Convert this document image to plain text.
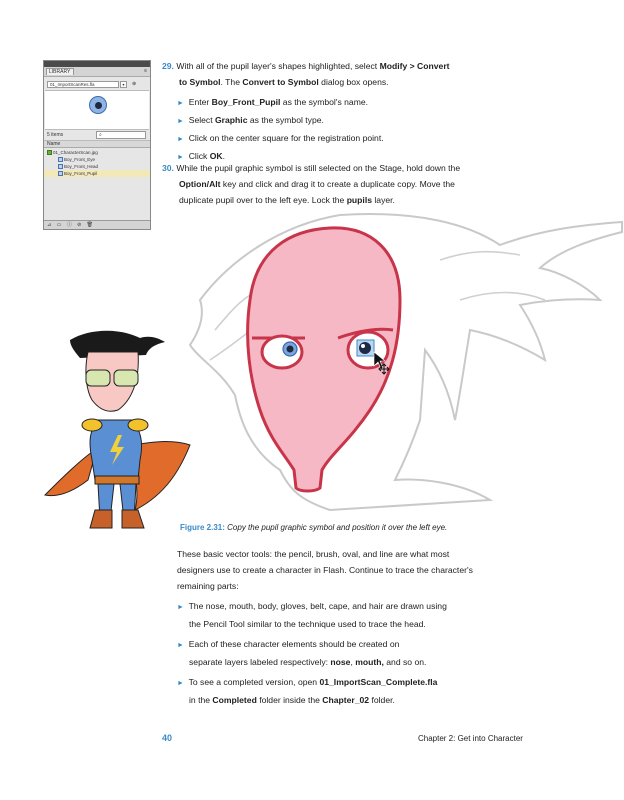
LIBRARY	≡
01_ImportScanRes.fla	▾	⊕
5 items	⌕
Name
01_CharacterScan.jpg
Boy_Front_Eye
Boy_Front_Head
Boy_Front_Pupil
⊿ ▭ ⓘ ⊘ 🗑
29. With all of the pupil layer's shapes highlighted, select Modify > Convert
to Symbol. The Convert to Symbol dialog box opens.
► Enter Boy_Front_Pupil as the symbol's name.
► Select Graphic as the symbol type.
► Click on the center square for the registration point.
► Click OK.
30. While the pupil graphic symbol is still selected on the Stage, hold down the
Option/Alt key and click and drag it to create a duplicate copy. Move the
duplicate pupil over to the left eye. Lock the pupils layer.
Figure 2.31: Copy the pupil graphic symbol and position it over the left eye.
These basic vector tools: the pencil, brush, oval, and line are what most
designers use to create a character in Flash. Continue to trace the character's
remaining parts:
► The nose, mouth, body, gloves, belt, cape, and hair are drawn using
the Pencil Tool similar to the technique used to trace the head.
► Each of these character elements should be created on
separate layers labeled respectively: nose, mouth, and so on.
► To see a completed version, open 01_ImportScan_Complete.fla
in the Completed folder inside the Chapter_02 folder.
40	Chapter 2: Get into Character
